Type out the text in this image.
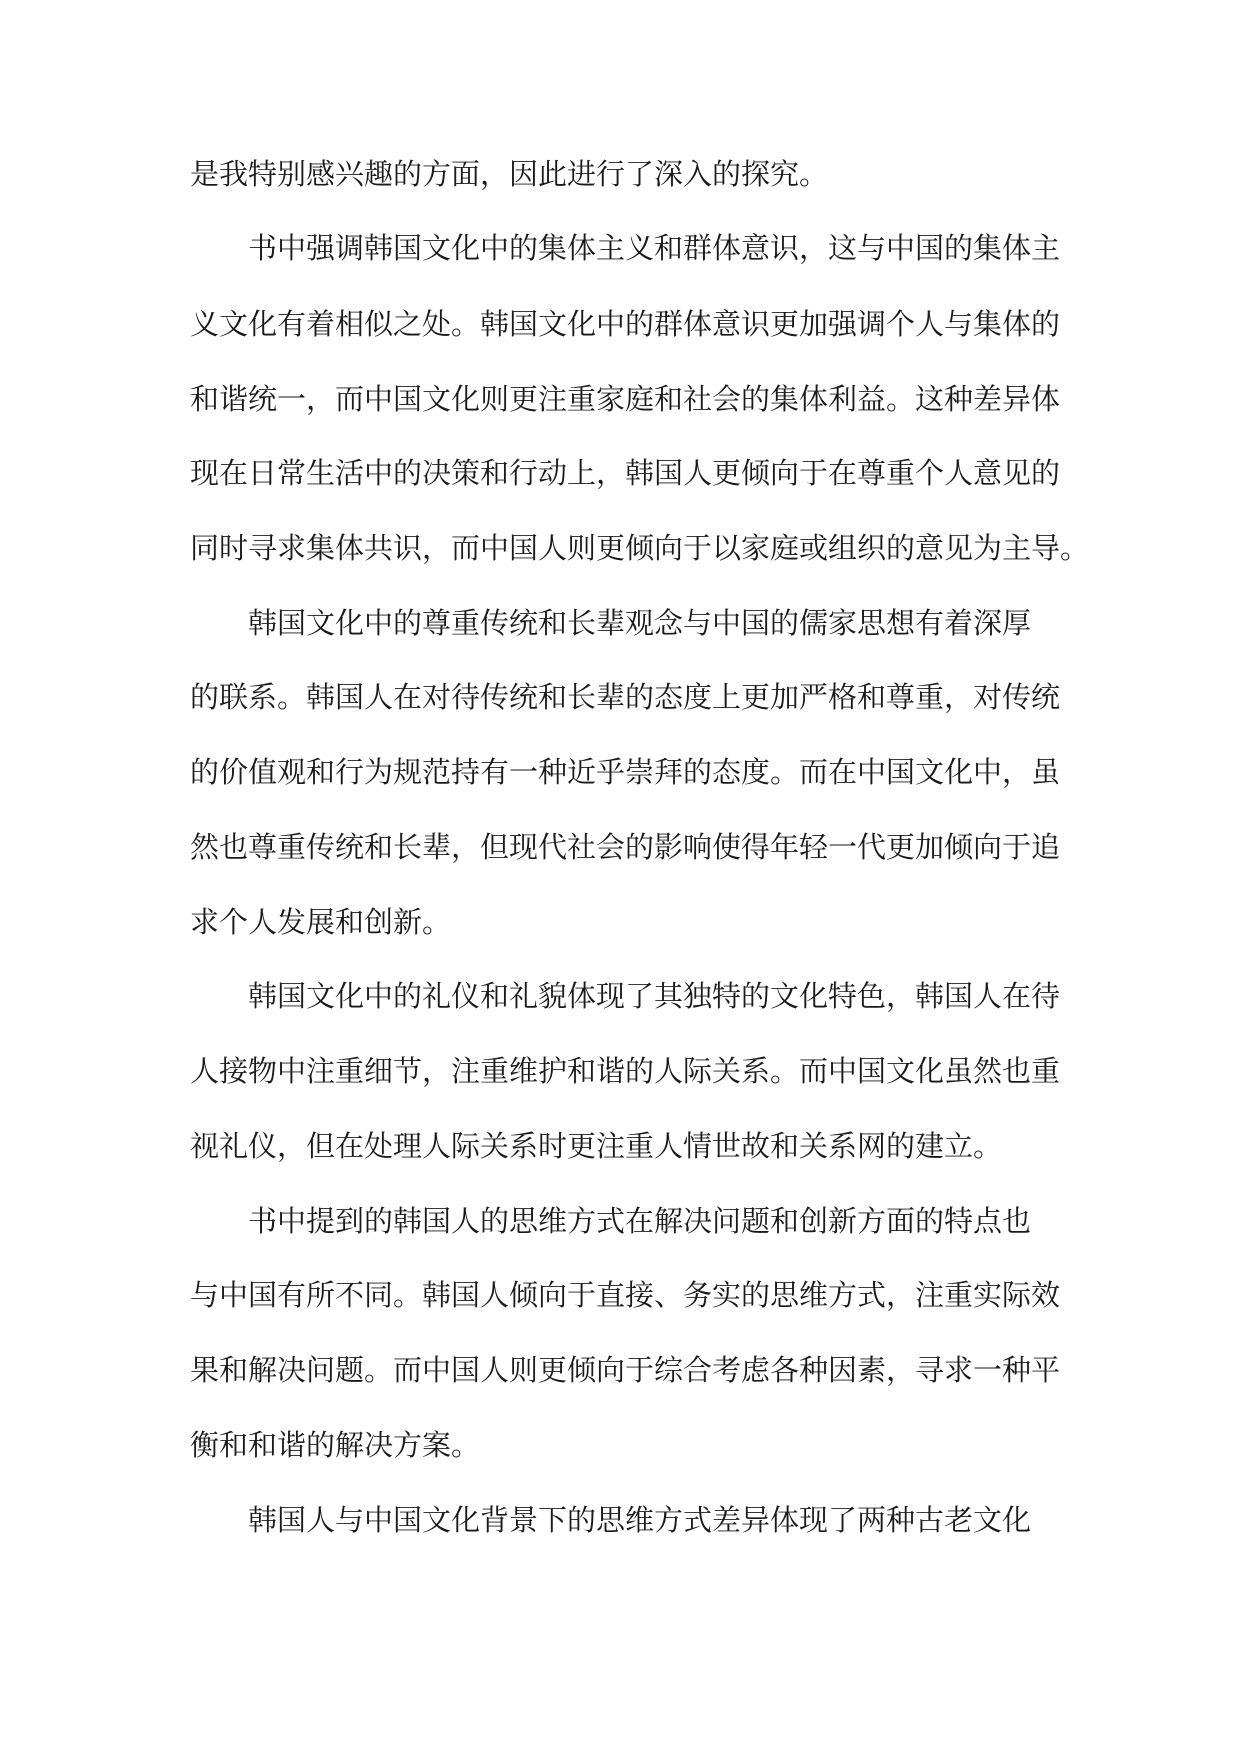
是我特别感兴趣的方面，因此进行了深入的探究。

书中强调韩国文化中的集体主义和群体意识，这与中国的集体主

义文化有着相似之处。韩国文化中的群体意识更加强调个人与集体的

和谐统一，而中国文化则更注重家庭和社会的集体利益。这种差异体

现在日常生活中的决策和行动上，韩国人更倾向于在尊重个人意见的

同时寻求集体共识，而中国人则更倾向于以家庭或组织的意见为主导。

韩国文化中的尊重传统和长辈观念与中国的儒家思想有着深厚

的联系。韩国人在对待传统和长辈的态度上更加严格和尊重，对传统

的价值观和行为规范持有一种近乎崇拜的态度。而在中国文化中，虽

然也尊重传统和长辈，但现代社会的影响使得年轻一代更加倾向于追

求个人发展和创新。

韩国文化中的礼仪和礼貌体现了其独特的文化特色，韩国人在待

人接物中注重细节，注重维护和谐的人际关系。而中国文化虽然也重

视礼仪，但在处理人际关系时更注重人情世故和关系网的建立。

书中提到的韩国人的思维方式在解决问题和创新方面的特点也

与中国有所不同。韩国人倾向于直接、务实的思维方式，注重实际效

果和解决问题。而中国人则更倾向于综合考虑各种因素，寻求一种平

衡和和谐的解决方案。

韩国人与中国文化背景下的思维方式差异体现了两种古老文化
